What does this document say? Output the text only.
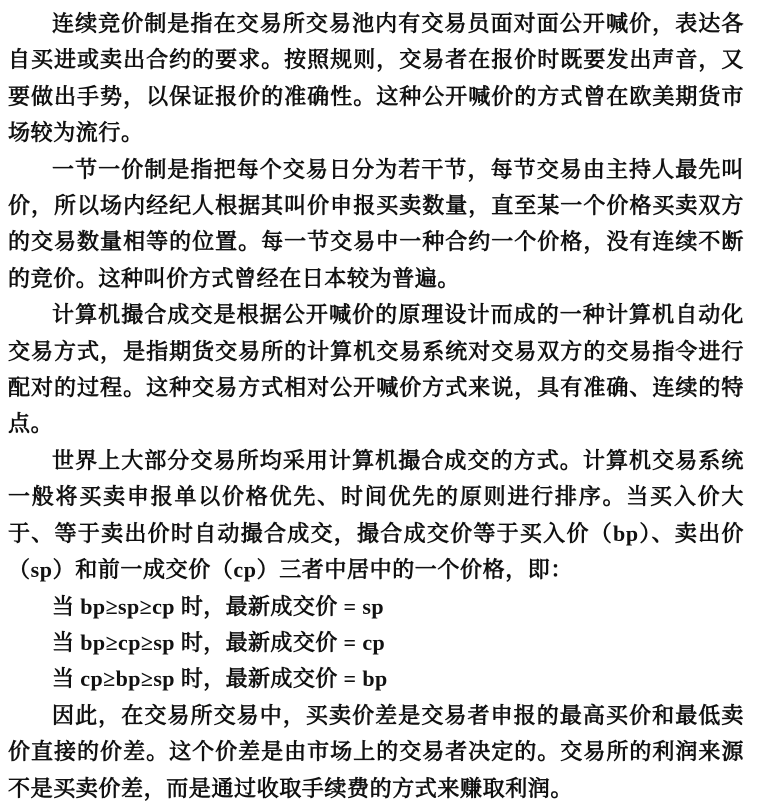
连续竞价制是指在交易所交易池内有交易员面对面公开喊价，表达各自买进或卖出合约的要求。按照规则，交易者在报价时既要发出声音，又要做出手势，以保证报价的准确性。这种公开喊价的方式曾在欧美期货市场较为流行。

一节一价制是指把每个交易日分为若干节，每节交易由主持人最先叫价，所以场内经纪人根据其叫价申报买卖数量，直至某一个价格买卖双方的交易数量相等的位置。每一节交易中一种合约一个价格，没有连续不断的竞价。这种叫价方式曾经在日本较为普遍。

计算机撮合成交是根据公开喊价的原理设计而成的一种计算机自动化交易方式，是指期货交易所的计算机交易系统对交易双方的交易指令进行配对的过程。这种交易方式相对公开喊价方式来说，具有准确、连续的特点。

世界上大部分交易所均采用计算机撮合成交的方式。计算机交易系统一般将买卖申报单以价格优先、时间优先的原则进行排序。当买入价大于、等于卖出价时自动撮合成交，撮合成交价等于买入价（bp）、卖出价（sp）和前一成交价（cp）三者中居中的一个价格，即：

当 bp≥sp≥cp 时，最新成交价 = sp

当 bp≥cp≥sp 时，最新成交价 = cp

当 cp≥bp≥sp 时，最新成交价 = bp

因此，在交易所交易中，买卖价差是交易者申报的最高买价和最低卖价直接的价差。这个价差是由市场上的交易者决定的。交易所的利润来源不是买卖价差，而是通过收取手续费的方式来赚取利润。
